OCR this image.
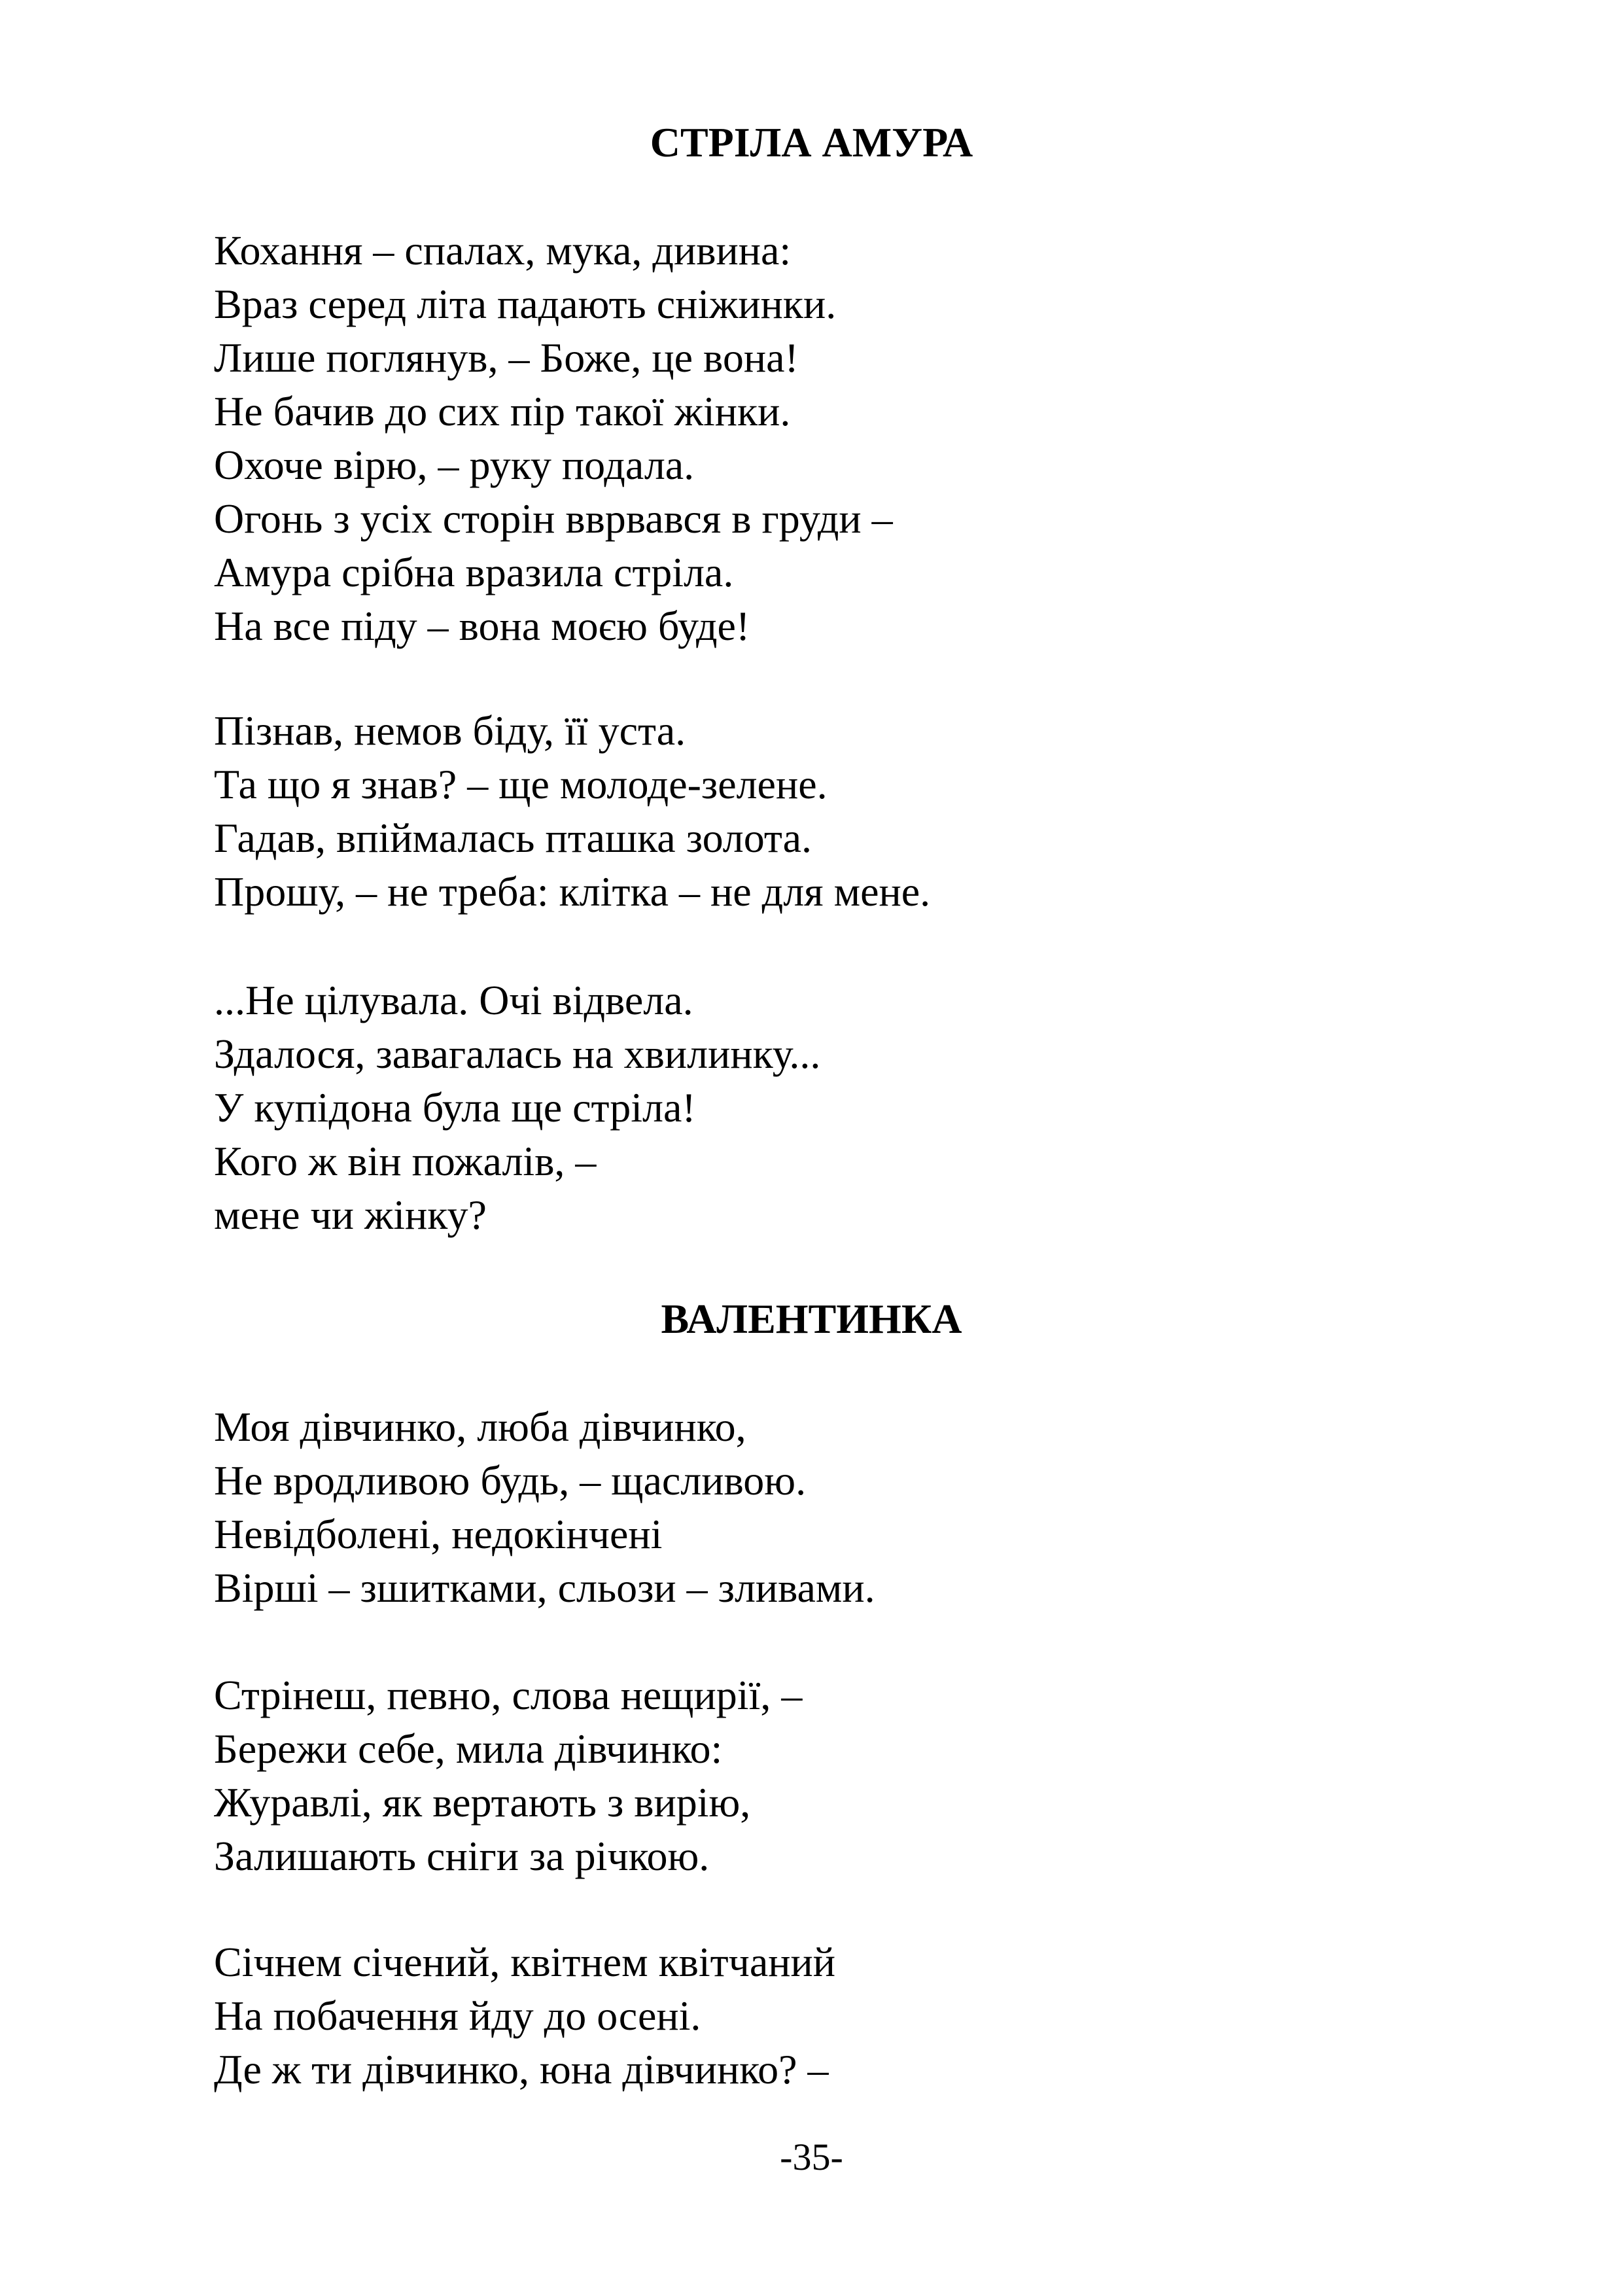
СТРІЛА АМУРА
Кохання – спалах, мука, дивина:
Враз серед літа падають сніжинки.
Лише поглянув, – Боже, це вона!
Не бачив до сих пір такої жінки.
Охоче вірю, – руку подала.
Огонь з усіх сторін вврвався в груди –
Амура срібна вразила стріла.
На все піду – вона моєю буде!
Пізнав, немов біду, її уста.
Та що я знав? – ще молоде-зелене.
Гадав, впіймалась пташка золота.
Прошу, – не треба: клітка – не для мене.
...Не цілувала. Очі відвела.
Здалося, завагалась на хвилинку...
У купідона була ще стріла!
Кого ж він пожалів, –
мене чи жінку?
ВАЛЕНТИНКА
Моя дівчинко, люба дівчинко,
Не вродливою будь, – щасливою.
Невідболені, недокінчені
Вірші – зшитками, сльози – зливами.
Стрінеш, певно, слова нещирії, –
Бережи себе, мила дівчинко:
Журавлі, як вертають з вирію,
Залишають сніги за річкою.
Січнем січений, квітнем квітчаний
На побачення йду до осені.
Де ж ти дівчинко, юна дівчинко? –
-35-
